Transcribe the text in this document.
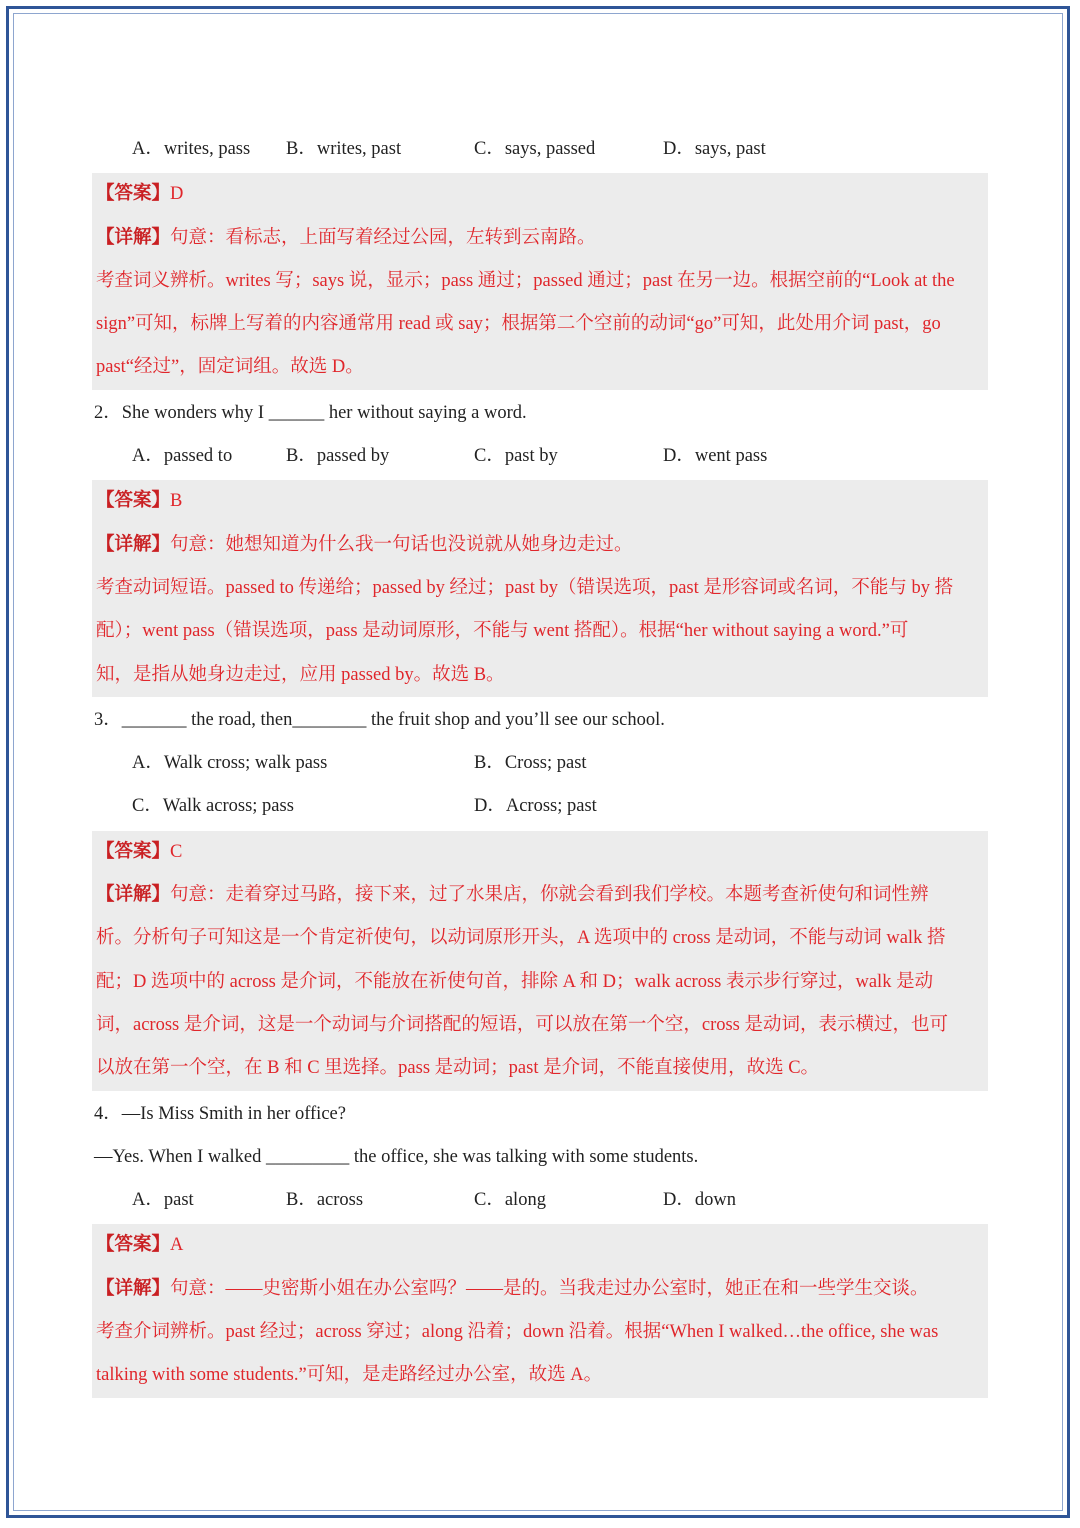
A．writes, pass B．writes, past	C．says, passed	D．says, past
【答案】D
【详解】句意：看标志，上面写着经过公园，左转到云南路。
考查词义辨析。writes 写；says 说，显示；pass 通过；passed 通过；past 在另一边。根据空前的“Look at the
sign”可知，标牌上写着的内容通常用 read 或 say；根据第二个空前的动词“go”可知，此处用介词 past，go
past“经过”，固定词组。故选 D。
2．She wonders why I ______ her without saying a word.
A．passed to	B．passed by	C．past by	D．went pass
【答案】B
【详解】句意：她想知道为什么我一句话也没说就从她身边走过。
考查动词短语。passed to 传递给；passed by 经过；past by（错误选项，past 是形容词或名词，不能与 by 搭
配）；went pass（错误选项，pass 是动词原形，不能与 went 搭配）。根据“her without saying a word.”可
知，是指从她身边走过，应用 passed by。故选 B。
3．_______ the road, then________ the fruit shop and you’ll see our school.
A．Walk cross; walk pass	B．Cross; past
C．Walk across; pass	D．Across; past
【答案】C
【详解】句意：走着穿过马路，接下来，过了水果店，你就会看到我们学校。本题考查祈使句和词性辨
析。分析句子可知这是一个肯定祈使句，以动词原形开头，A 选项中的 cross 是动词，不能与动词 walk 搭
配；D 选项中的 across 是介词，不能放在祈使句首，排除 A 和 D；walk across 表示步行穿过，walk 是动
词，across 是介词，这是一个动词与介词搭配的短语，可以放在第一个空，cross 是动词，表示横过，也可
以放在第一个空，在 B 和 C 里选择。pass 是动词；past 是介词，不能直接使用，故选 C。
4．—Is Miss Smith in her office?
—Yes. When I walked _________ the office, she was talking with some students.
A．past	B．across	C．along	D．down
【答案】A
【详解】句意：——史密斯小姐在办公室吗？——是的。当我走过办公室时，她正在和一些学生交谈。
考查介词辨析。past 经过；across 穿过；along 沿着；down 沿着。根据“When I walked…the office, she was
talking with some students.”可知，是走路经过办公室，故选 A。
